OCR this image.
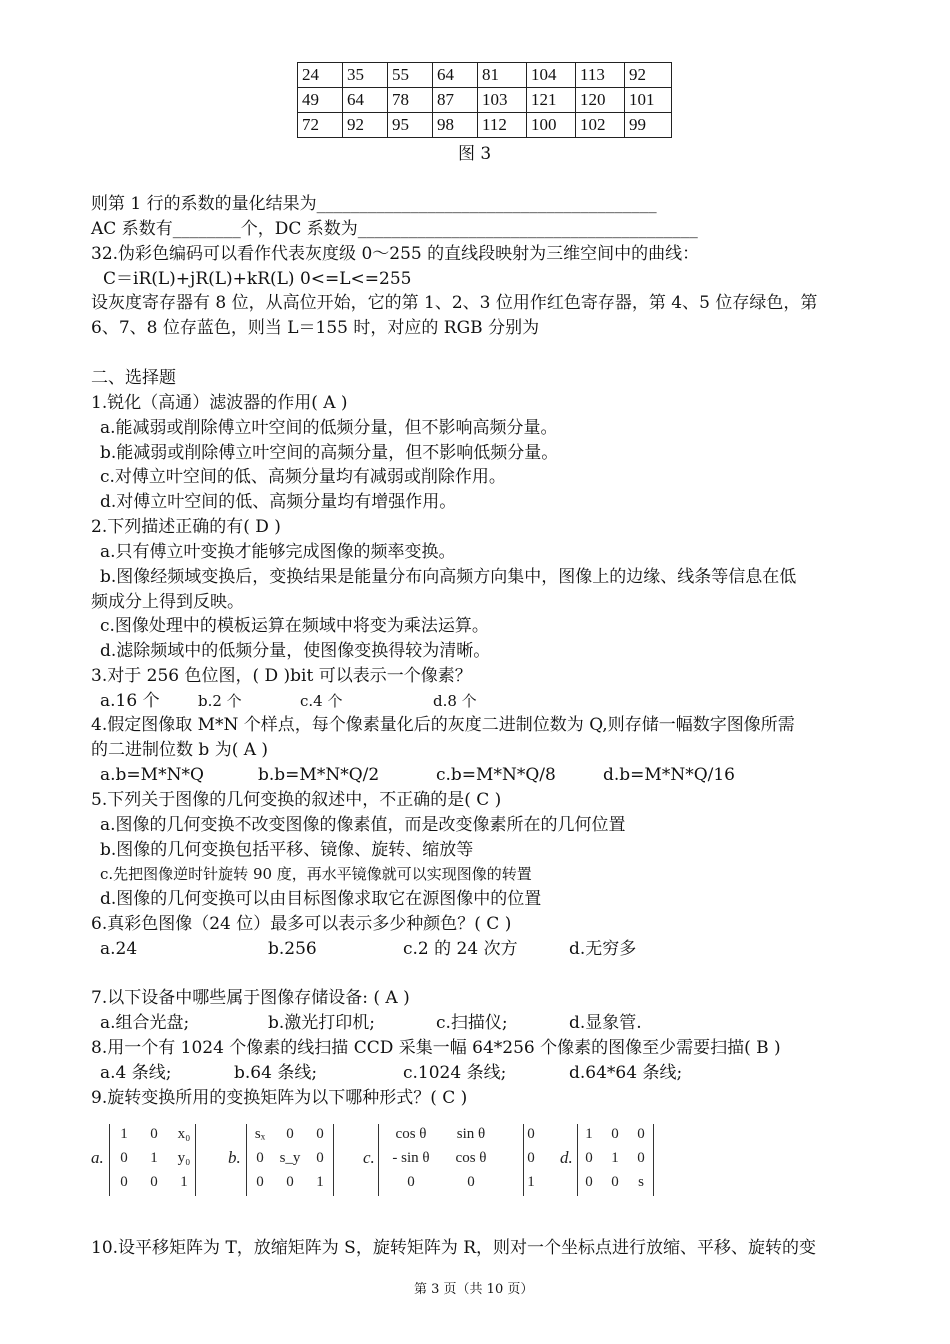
24	35	55	64	81	104	113	92
49	64	78	87	103	121	120	101
72	92	95	98	112	100	102	99
图 3
则第 1 行的系数的量化结果为________________________________________
AC 系数有________个，DC 系数为________________________________________
32.伪彩色编码可以看作代表灰度级 0～255 的直线段映射为三维空间中的曲线：
C＝iR(L)+jR(L)+kR(L) 0<=L<=255
设灰度寄存器有 8 位，从高位开始，它的第 1、2、3 位用作红色寄存器，第 4、5 位存绿色，第
6、7、8 位存蓝色，则当 L＝155 时，对应的 RGB 分别为
二、选择题
1.锐化（高通）滤波器的作用( A )
a.能减弱或削除傅立叶空间的低频分量，但不影响高频分量。
b.能减弱或削除傅立叶空间的高频分量，但不影响低频分量。
c.对傅立叶空间的低、高频分量均有减弱或削除作用。
d.对傅立叶空间的低、高频分量均有增强作用。
2.下列描述正确的有( D )
a.只有傅立叶变换才能够完成图像的频率变换。
b.图像经频域变换后，变换结果是能量分布向高频方向集中，图像上的边缘、线条等信息在低
频成分上得到反映。
c.图像处理中的模板运算在频域中将变为乘法运算。
d.滤除频域中的低频分量，使图像变换得较为清晰。
3.对于 256 色位图，( D )bit 可以表示一个像素？
a.16 个	b.2 个	c.4 个	d.8 个
4.假定图像取 M*N 个样点，每个像素量化后的灰度二进制位数为 Q,则存储一幅数字图像所需
的二进制位数 b 为( A )
a.b=M*N*Q	b.b=M*N*Q/2	c.b=M*N*Q/8	d.b=M*N*Q/16
5.下列关于图像的几何变换的叙述中，不正确的是( C )
a.图像的几何变换不改变图像的像素值，而是改变像素所在的几何位置
b.图像的几何变换包括平移、镜像、旋转、缩放等
c.先把图像逆时针旋转 90 度，再水平镜像就可以实现图像的转置
d.图像的几何变换可以由目标图像求取它在源图像中的位置
6.真彩色图像（24 位）最多可以表示多少种颜色？( C )
a.24	b.256	c.2 的 24 次方	d.无穷多
7.以下设备中哪些属于图像存储设备: ( A )
a.组合光盘;	b.激光打印机;	c.扫描仪;	d.显象管.
8.用一个有 1024 个像素的线扫描 CCD 采集一幅 64*256 个像素的图像至少需要扫描( B )
a.4 条线;	b.64 条线;	c.1024 条线;	d.64*64 条线;
9.旋转变换所用的变换矩阵为以下哪种形式？( C )
a.
1	0	x₀
0	1	y₀
0	0	1
b.
sₓ	0	0
0	s_y	0
0	0	1
c.
cos θ	sin θ	0
- sin θ	cos θ	0
0	0	1
d.
1	0	0
0	1	0
0	0	s
10.设平移矩阵为 T，放缩矩阵为 S，旋转矩阵为 R，则对一个坐标点进行放缩、平移、旋转的变
第 3 页（共 10 页）
